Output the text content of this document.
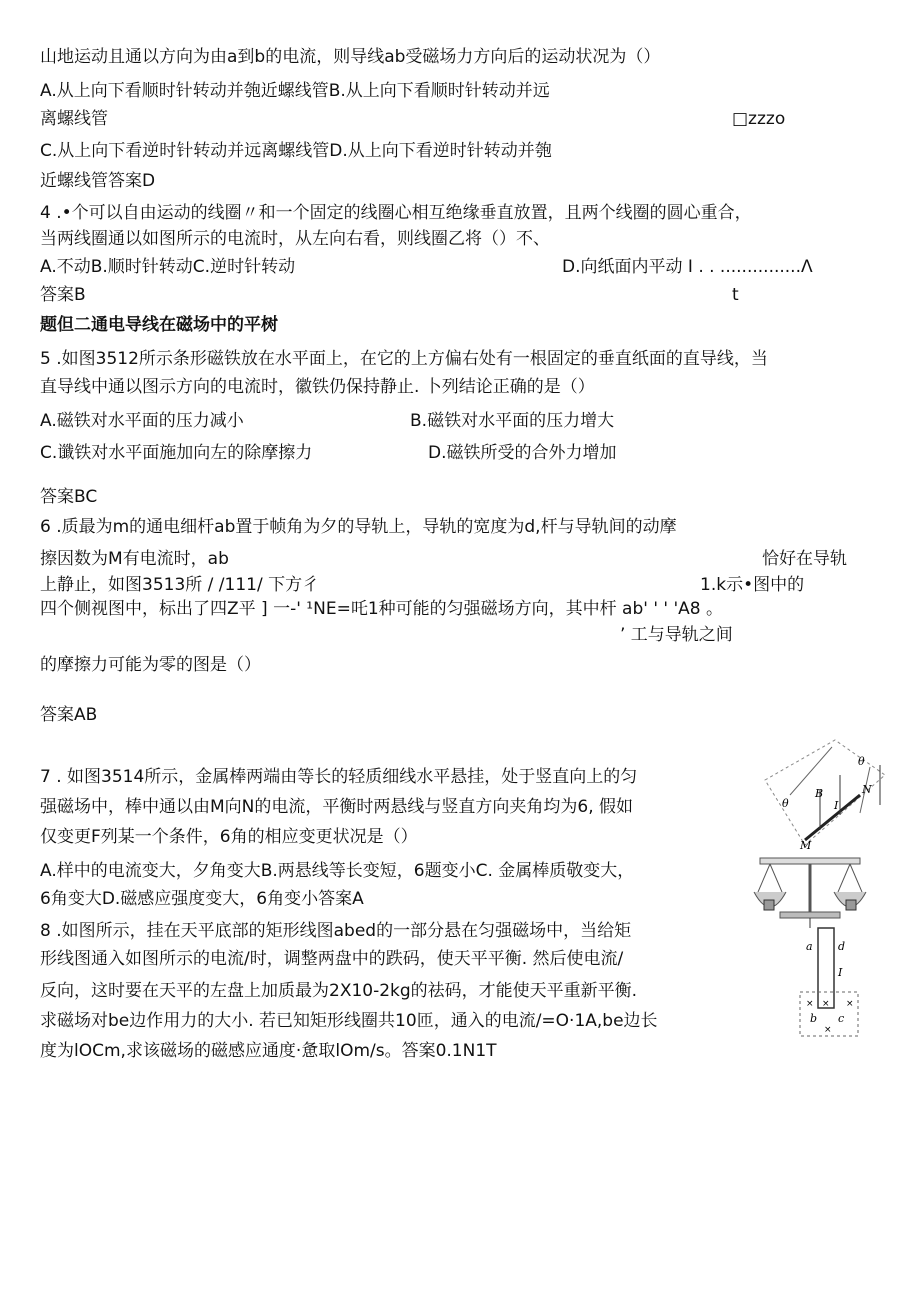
山地运动且通以方向为由a到b的电流，则导线ab受磁场力方向后的运动状况为（）
A.从上向下看顺时针转动并匏近螺线管B.从上向下看顺时针转动并远
离螺线管	□zzzo
C.从上向下看逆时针转动并远离螺线管D.从上向下看逆时针转动并匏
近螺线管答案D
4 .•个可以自由运动的线圈〃和一个固定的线圈心相互绝缘垂直放置，且两个线圈的圆心重合，
当两线圈通以如图所示的电流时，从左向右看，则线圈乙将（）不、
A.不动B.顺时针转动C.逆时针转动	D.向纸面内平动 I . . ...............Λ
答案B	t
题但二通电导线在磁场中的平树
5 .如图3512所示条形磁铁放在水平面上，在它的上方偏右处有一根固定的垂直纸面的直导线，当
直导线中通以图示方向的电流时，徽铁仍保持静止. 卜列结论正确的是（）
A.磁铁对水平面的压力减小	B.磁铁对水平面的压力增大
C.谶铁对水平面施加向左的除摩擦力	D.磁铁所受的合外力增加
答案BC
6 .质最为m的通电细杆ab置于帧角为夕的导轨上，导轨的宽度为d,杆与导轨间的动摩
擦因数为M有电流时，ab	恰好在导轨
上静止，如图3513所 / /111/ 下方彳	1.k示•图中的
四个侧视图中，标出了四Z平 ] 一-' ¹NE=吒1种可能的匀强磁场方向，其中杆 ab' ' ' 'A8 。
’ 工与导轨之间
的摩擦力可能为零的图是（）
答案AB
7 . 如图3514所示，金属棒两端由等长的轻质细线水平悬挂，处于竖直向上的匀
强磁场中，棒中通以由M向N的电流，平衡时两悬线与竖直方向夹角均为6, 假如
仅变更F列某一个条件，6角的相应变更状况是（）
A.样中的电流变大，夕角变大B.两悬线等长变短，6题变小C. 金属棒质敬变大，
6角变大D.磁感应强度变大，6角变小答案A
8 .如图所示，挂在天平底部的矩形线图abed的一部分悬在匀强磁场中，当给矩
形线图通入如图所示的电流/时，调整两盘中的跌码，使天平平衡. 然后使电流/
反向，这时要在天平的左盘上加质最为2X10-2kg的祛码，才能使天平重新平衡.
求磁场对be边作用力的大小. 若已知矩形线圈共10匝，通入的电流/=O·1A,be边长
度为lOCm,求该磁场的磁感应通度·惫取lOm/s。答案0.1N1T
θ
θ
B
I
M
N
a d
I
b c
× × ×
×
